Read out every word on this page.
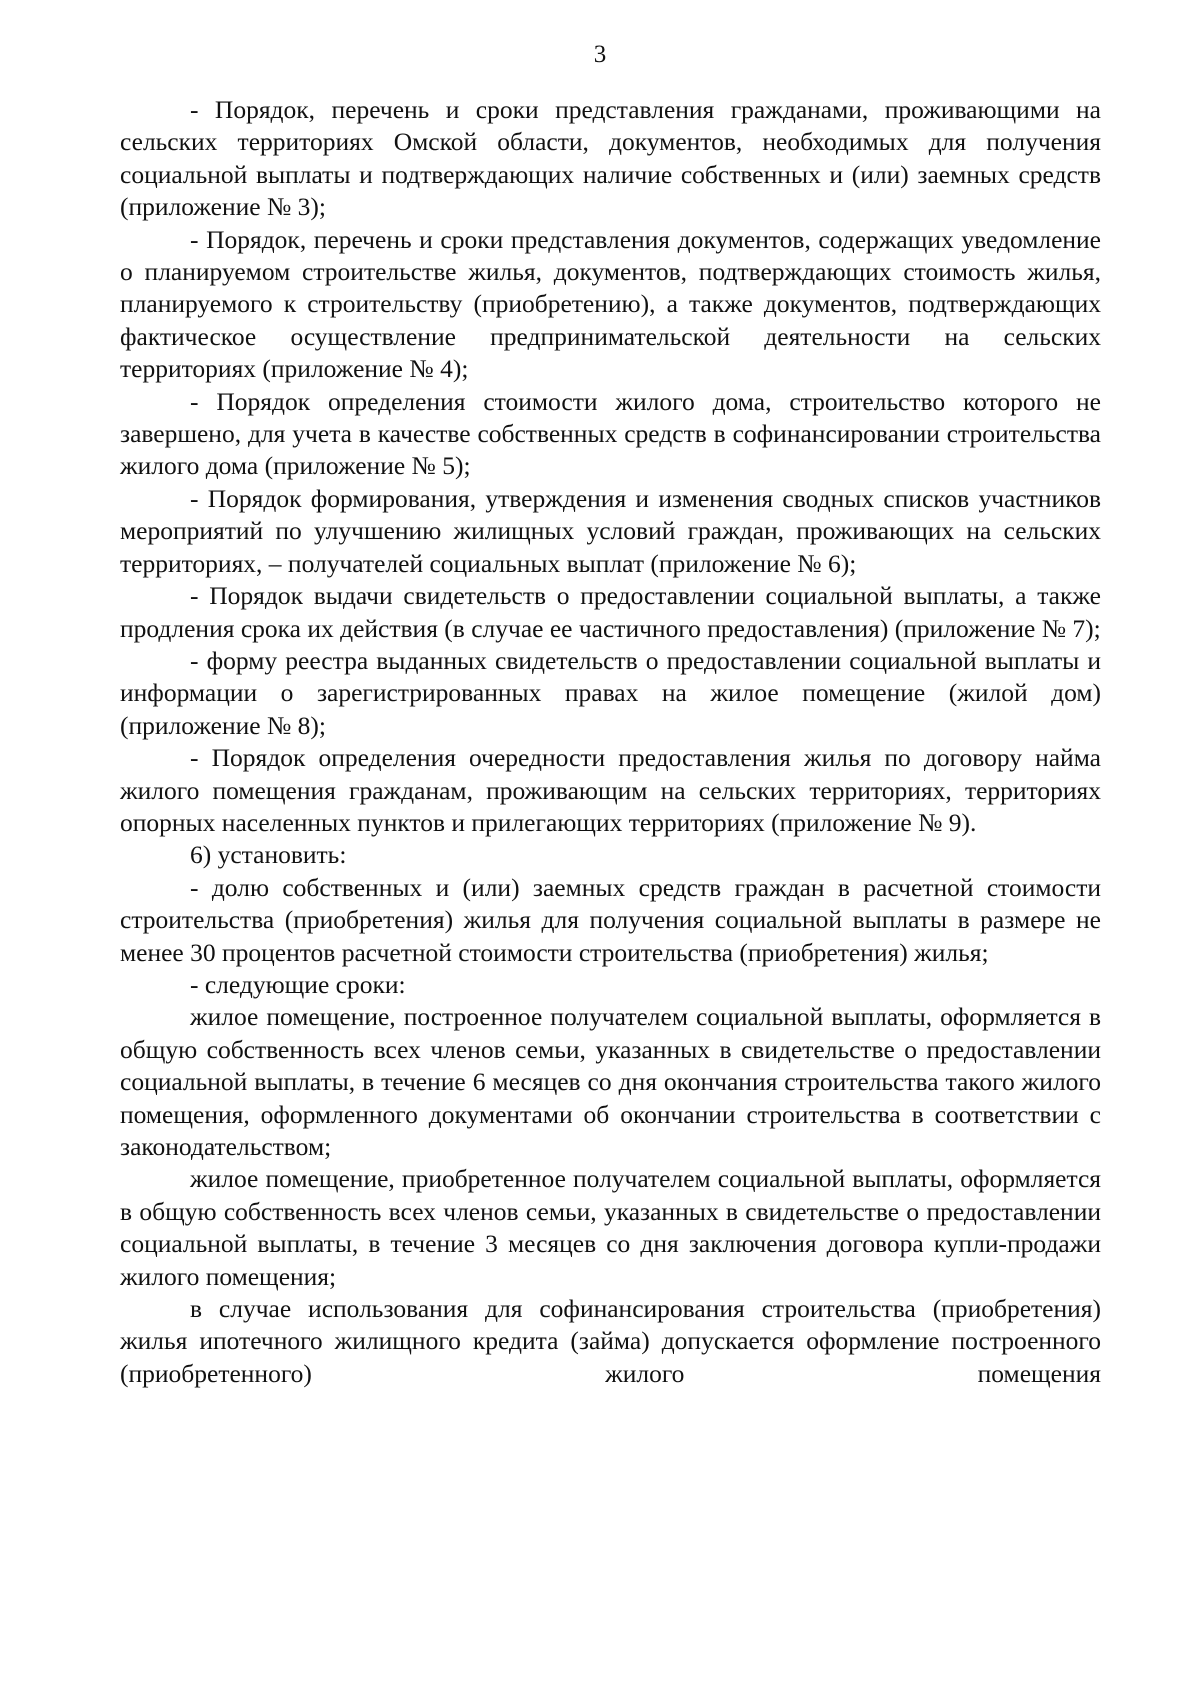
3

- Порядок, перечень и сроки представления гражданами, проживающими на сельских территориях Омской области, документов, необходимых для получения социальной выплаты и подтверждающих наличие собственных и (или) заемных средств (приложение № 3);

- Порядок, перечень и сроки представления документов, содержащих уведомление о планируемом строительстве жилья, документов, подтверждающих стоимость жилья, планируемого к строительству (приобретению), а также документов, подтверждающих фактическое осуществление предпринимательской деятельности на сельских территориях (приложение № 4);

- Порядок определения стоимости жилого дома, строительство которого не завершено, для учета в качестве собственных средств в софинансировании строительства жилого дома (приложение № 5);

- Порядок формирования, утверждения и изменения сводных списков участников мероприятий по улучшению жилищных условий граждан, проживающих на сельских территориях, – получателей социальных выплат (приложение № 6);

- Порядок выдачи свидетельств о предоставлении социальной выплаты, а также продления срока их действия (в случае ее частичного предоставления) (приложение № 7);

- форму реестра выданных свидетельств о предоставлении социальной выплаты и информации о зарегистрированных правах на жилое помещение (жилой дом) (приложение № 8);

- Порядок определения очередности предоставления жилья по договору найма жилого помещения гражданам, проживающим на сельских территориях, территориях опорных населенных пунктов и прилегающих территориях (приложение № 9).

6) установить:

- долю собственных и (или) заемных средств граждан в расчетной стоимости строительства (приобретения) жилья для получения социальной выплаты в размере не менее 30 процентов расчетной стоимости строительства (приобретения) жилья;

- следующие сроки:

жилое помещение, построенное получателем социальной выплаты, оформляется в общую собственность всех членов семьи, указанных в свидетельстве о предоставлении социальной выплаты, в течение 6 месяцев со дня окончания строительства такого жилого помещения, оформленного документами об окончании строительства в соответствии с законодательством;

жилое помещение, приобретенное получателем социальной выплаты, оформляется в общую собственность всех членов семьи, указанных в свидетельстве о предоставлении социальной выплаты, в течение 3 месяцев со дня заключения договора купли-продажи жилого помещения;

в случае использования для софинансирования строительства (приобретения) жилья ипотечного жилищного кредита (займа) допускается оформление построенного (приобретенного) жилого помещения
